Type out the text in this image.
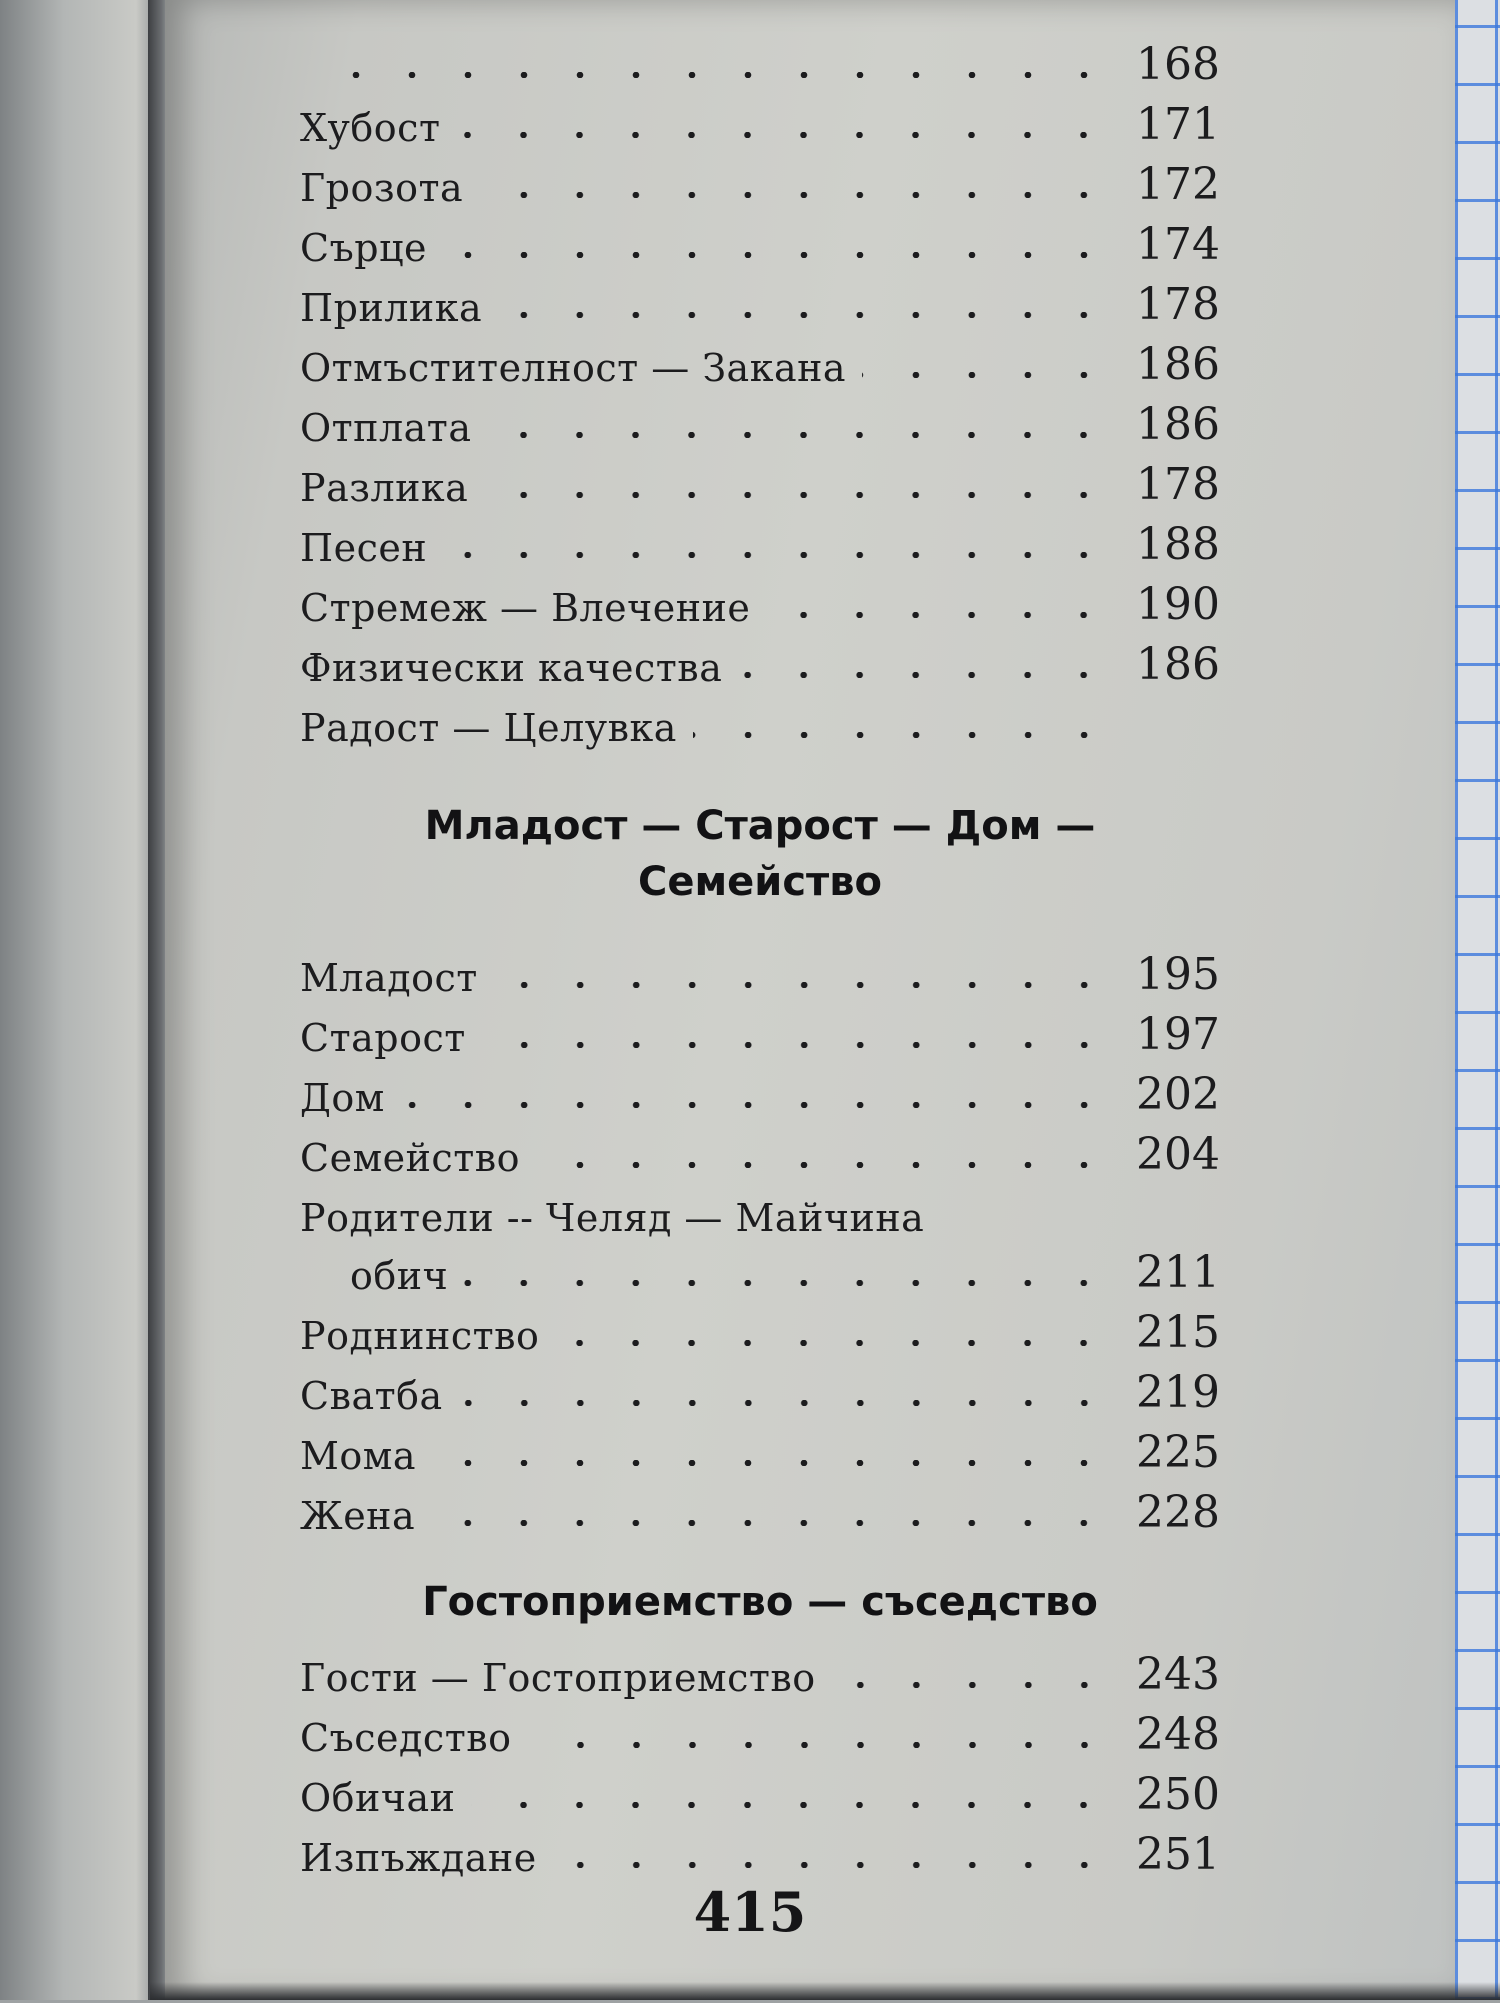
168
Хубост	171
Грозота	172
Сърце	174
Прилика	178
Отмъстителност — Закана	186
Отплата	186
Разлика	178
Песен	188
Стремеж — Влечение	190
Физически качества	186
Радост — Целувка
Младост — Старост — Дом —
Семейство
Младост	195
Старост	197
Дом	202
Семейство	204
Родители -- Челяд — Майчина
обич	211
Роднинство	215
Сватба	219
Мома	225
Жена	228
Гостоприемство — съседство
Гости — Гостоприемство	243
Съседство	248
Обичаи	250
Изпъждане	251
415
